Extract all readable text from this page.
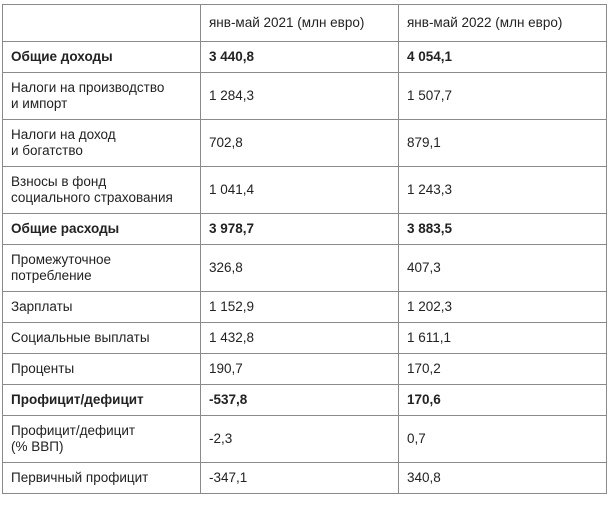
	янв-май 2021 (млн евро)	янв-май 2022 (млн евро)
Общие доходы	3 440,8	4 054,1
Налоги на производство
и импорт	1 284,3	1 507,7
Налоги на доход
и богатство	702,8	879,1
Взносы в фонд
социального страхования	1 041,4	1 243,3
Общие расходы	3 978,7	3 883,5
Промежуточное
потребление	326,8	407,3
Зарплаты	1 152,9	1 202,3
Социальные выплаты	1 432,8	1 611,1
Проценты	190,7	170,2
Профицит/дефицит	-537,8	170,6
Профицит/дефицит
(% ВВП)	-2,3	0,7
Первичный профицит	-347,1	340,8
